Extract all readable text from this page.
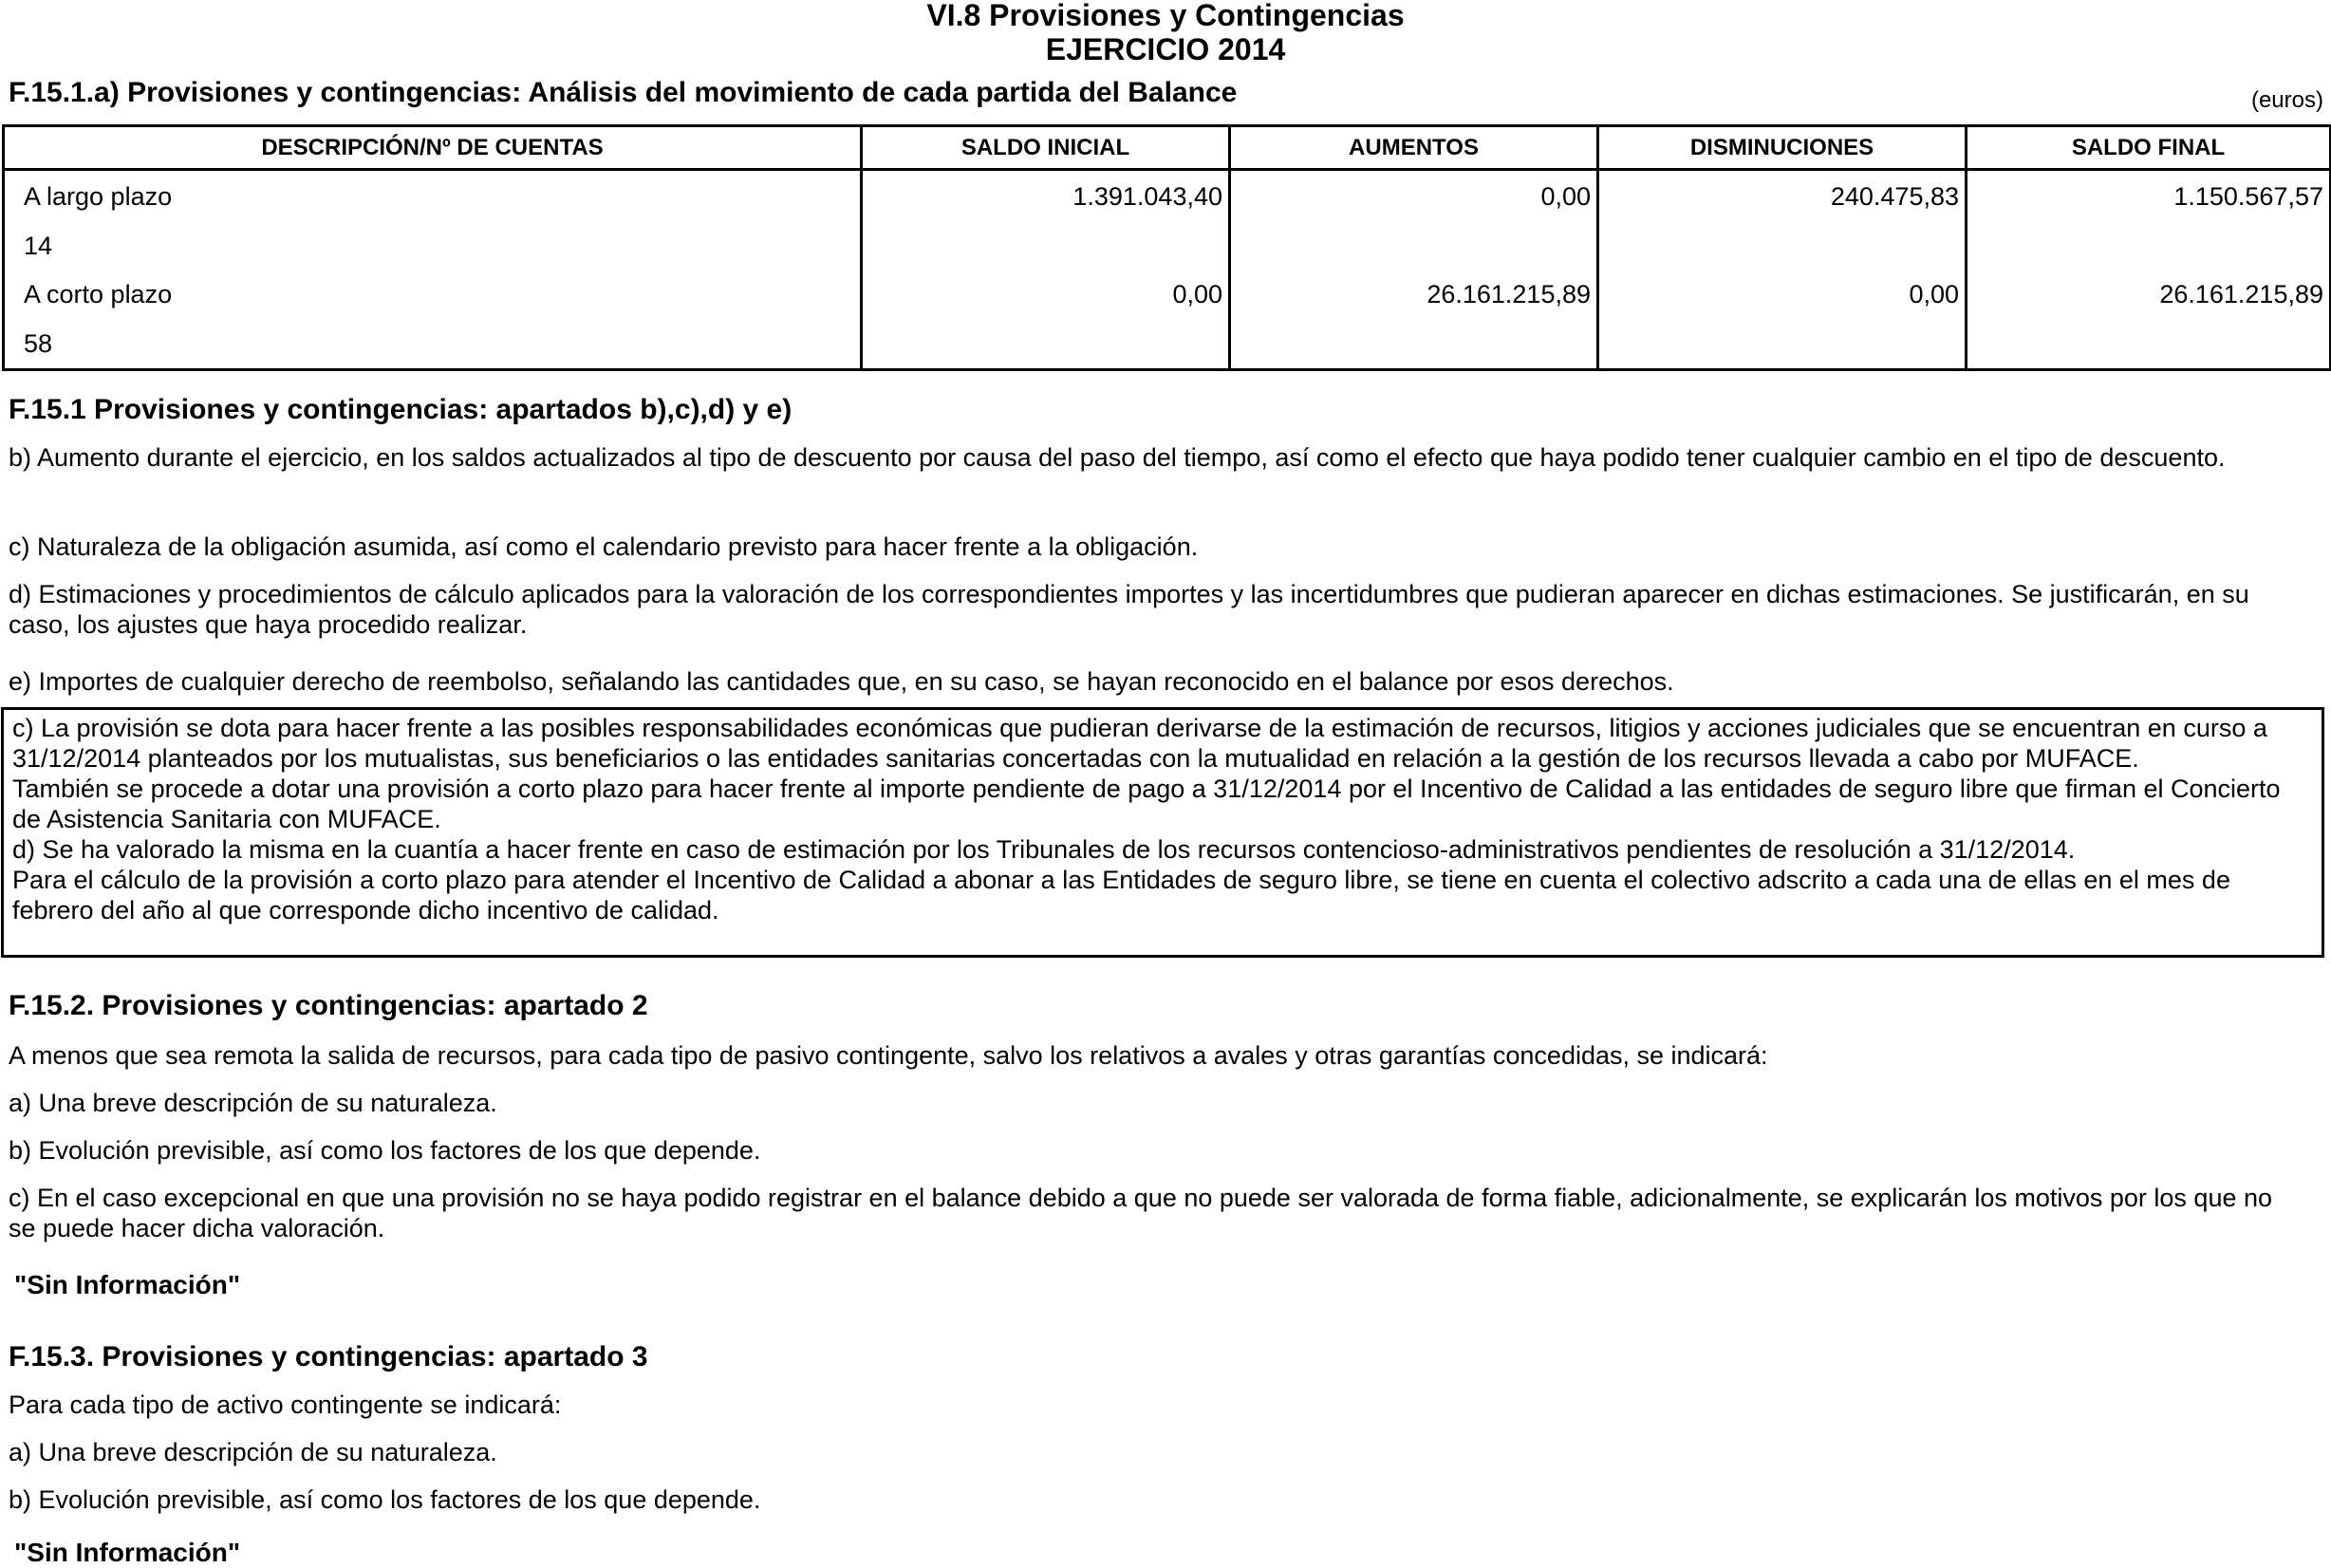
VI.8 Provisiones y Contingencias
EJERCICIO 2014
F.15.1.a) Provisiones y contingencias: Análisis del movimiento de cada partida del Balance	(euros)
DESCRIPCIÓN/Nº DE CUENTAS	SALDO INICIAL	AUMENTOS	DISMINUCIONES	SALDO FINAL
A largo plazo	1.391.043,40	0,00	240.475,83	1.150.567,57
14				
A corto plazo	0,00	26.161.215,89	0,00	26.161.215,89
58				
F.15.1 Provisiones y contingencias: apartados b),c),d) y e)
b) Aumento durante el ejercicio, en los saldos actualizados al tipo de descuento por causa del paso del tiempo, así como el efecto que haya podido tener cualquier cambio en el tipo de descuento.
c) Naturaleza de la obligación asumida, así como el calendario previsto para hacer frente a la obligación.
d) Estimaciones y procedimientos de cálculo aplicados para la valoración de los correspondientes importes y las incertidumbres que pudieran aparecer en dichas estimaciones. Se justificarán, en su caso, los ajustes que haya procedido realizar.
e) Importes de cualquier derecho de reembolso, señalando las cantidades que, en su caso, se hayan reconocido en el balance por esos derechos.

c) La provisión se dota para hacer frente a las posibles responsabilidades económicas que pudieran derivarse de la estimación de recursos, litigios y acciones judiciales que se encuentran en curso a 31/12/2014 planteados por los mutualistas, sus beneficiarios o las entidades sanitarias concertadas con la mutualidad en relación a la gestión de los recursos llevada a cabo por MUFACE.

También se procede a dotar una provisión a corto plazo para hacer frente al importe pendiente de pago a 31/12/2014 por el Incentivo de Calidad a las entidades de seguro libre que firman el Concierto de Asistencia Sanitaria con MUFACE.

d) Se ha valorado la misma en la cuantía a hacer frente en caso de estimación por los Tribunales de los recursos contencioso-administrativos pendientes de resolución a 31/12/2014.

Para el cálculo de la provisión a corto plazo para atender el Incentivo de Calidad a abonar a las Entidades de seguro libre, se tiene en cuenta el colectivo adscrito a cada una de ellas en el mes de febrero del año al que corresponde dicho incentivo de calidad.

F.15.2. Provisiones y contingencias: apartado 2
A menos que sea remota la salida de recursos, para cada tipo de pasivo contingente, salvo los relativos a avales y otras garantías concedidas, se indicará:
a) Una breve descripción de su naturaleza.
b) Evolución previsible, así como los factores de los que depende.
c) En el caso excepcional en que una provisión no se haya podido registrar en el balance debido a que no puede ser valorada de forma fiable, adicionalmente, se explicarán los motivos por los que no se puede hacer dicha valoración.
"Sin Información"
F.15.3. Provisiones y contingencias: apartado 3
Para cada tipo de activo contingente se indicará:
a) Una breve descripción de su naturaleza.
b) Evolución previsible, así como los factores de los que depende.
"Sin Información"
